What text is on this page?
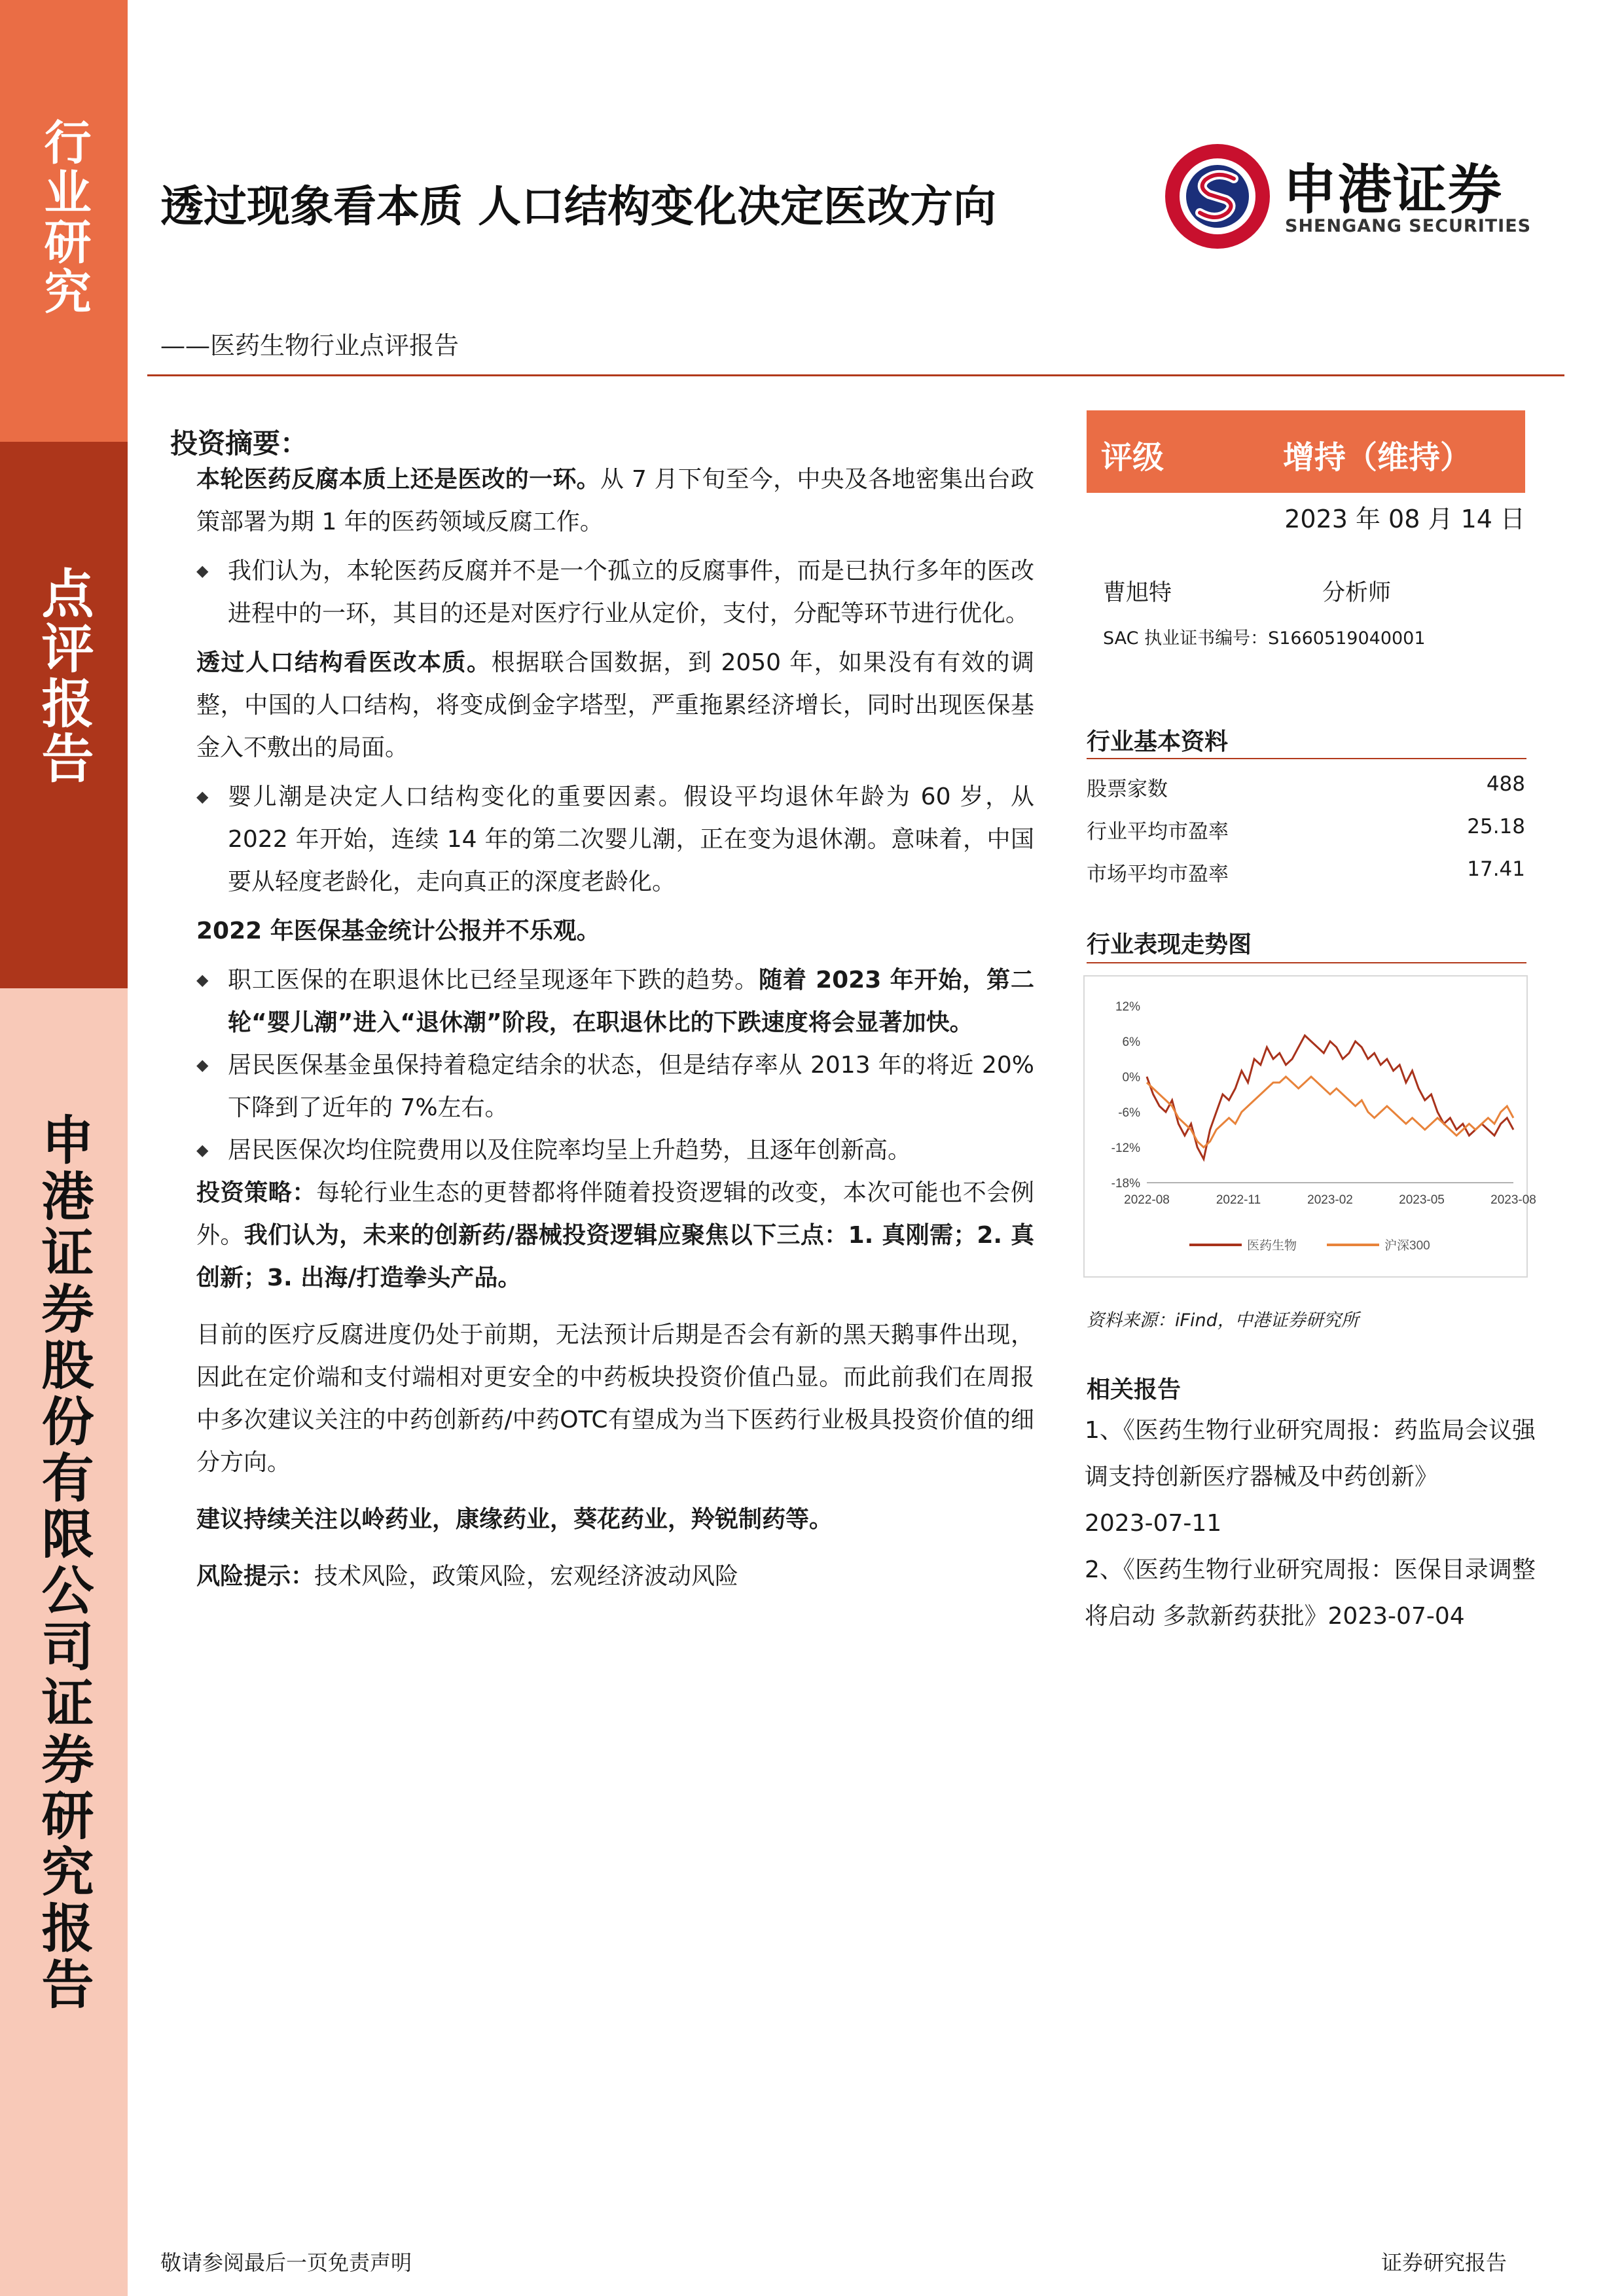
行业研究
点评报告
申港证券股份有限公司证券研究报告
透过现象看本质 人口结构变化决定医改方向
——医药生物行业点评报告
申港证券
SHENGANG SECURITIES
投资摘要：

本轮医药反腐本质上还是医改的一环。从 7 月下旬至今，中央及各地密集出台政策部署为期 1 年的医药领域反腐工作。

◆ 我们认为，本轮医药反腐并不是一个孤立的反腐事件，而是已执行多年的医改进程中的一环，其目的还是对医疗行业从定价，支付，分配等环节进行优化。

透过人口结构看医改本质。根据联合国数据，到 2050 年，如果没有有效的调整，中国的人口结构，将变成倒金字塔型，严重拖累经济增长，同时出现医保基金入不敷出的局面。

◆ 婴儿潮是决定人口结构变化的重要因素。假设平均退休年龄为 60 岁，从 2022 年开始，连续 14 年的第二次婴儿潮，正在变为退休潮。意味着，中国要从轻度老龄化，走向真正的深度老龄化。

2022 年医保基金统计公报并不乐观。

◆ 职工医保的在职退休比已经呈现逐年下跌的趋势。随着 2023 年开始，第二轮“婴儿潮”进入“退休潮”阶段，在职退休比的下跌速度将会显著加快。

◆ 居民医保基金虽保持着稳定结余的状态，但是结存率从 2013 年的将近 20%下降到了近年的 7%左右。

◆ 居民医保次均住院费用以及住院率均呈上升趋势，且逐年创新高。

投资策略：每轮行业生态的更替都将伴随着投资逻辑的改变，本次可能也不会例外。我们认为，未来的创新药/器械投资逻辑应聚焦以下三点：1. 真刚需；2. 真创新；3. 出海/打造拳头产品。

目前的医疗反腐进度仍处于前期，无法预计后期是否会有新的黑天鹅事件出现，因此在定价端和支付端相对更安全的中药板块投资价值凸显。而此前我们在周报中多次建议关注的中药创新药/中药OTC有望成为当下医药行业极具投资价值的细分方向。

建议持续关注以岭药业，康缘药业，葵花药业，羚锐制药等。

风险提示：技术风险，政策风险，宏观经济波动风险

评级	增持（维持）
2023 年 08 月 14 日
曹旭特	分析师
SAC 执业证书编号：S1660519040001
行业基本资料
股票家数	488
行业平均市盈率	25.18
市场平均市盈率	17.41
行业表现走势图
12%
6%
0%
-6%
-12%
-18%
2022-08	2022-11	2023-02	2023-05	2023-08
医药生物	沪深300
资料来源：iFind，中港证券研究所
相关报告
1、《医药生物行业研究周报：药监局会议强调支持创新医疗器械及中药创新》
2023-07-11
2、《医药生物行业研究周报：医保目录调整将启动 多款新药获批》2023-07-04
敬请参阅最后一页免责声明	证券研究报告
